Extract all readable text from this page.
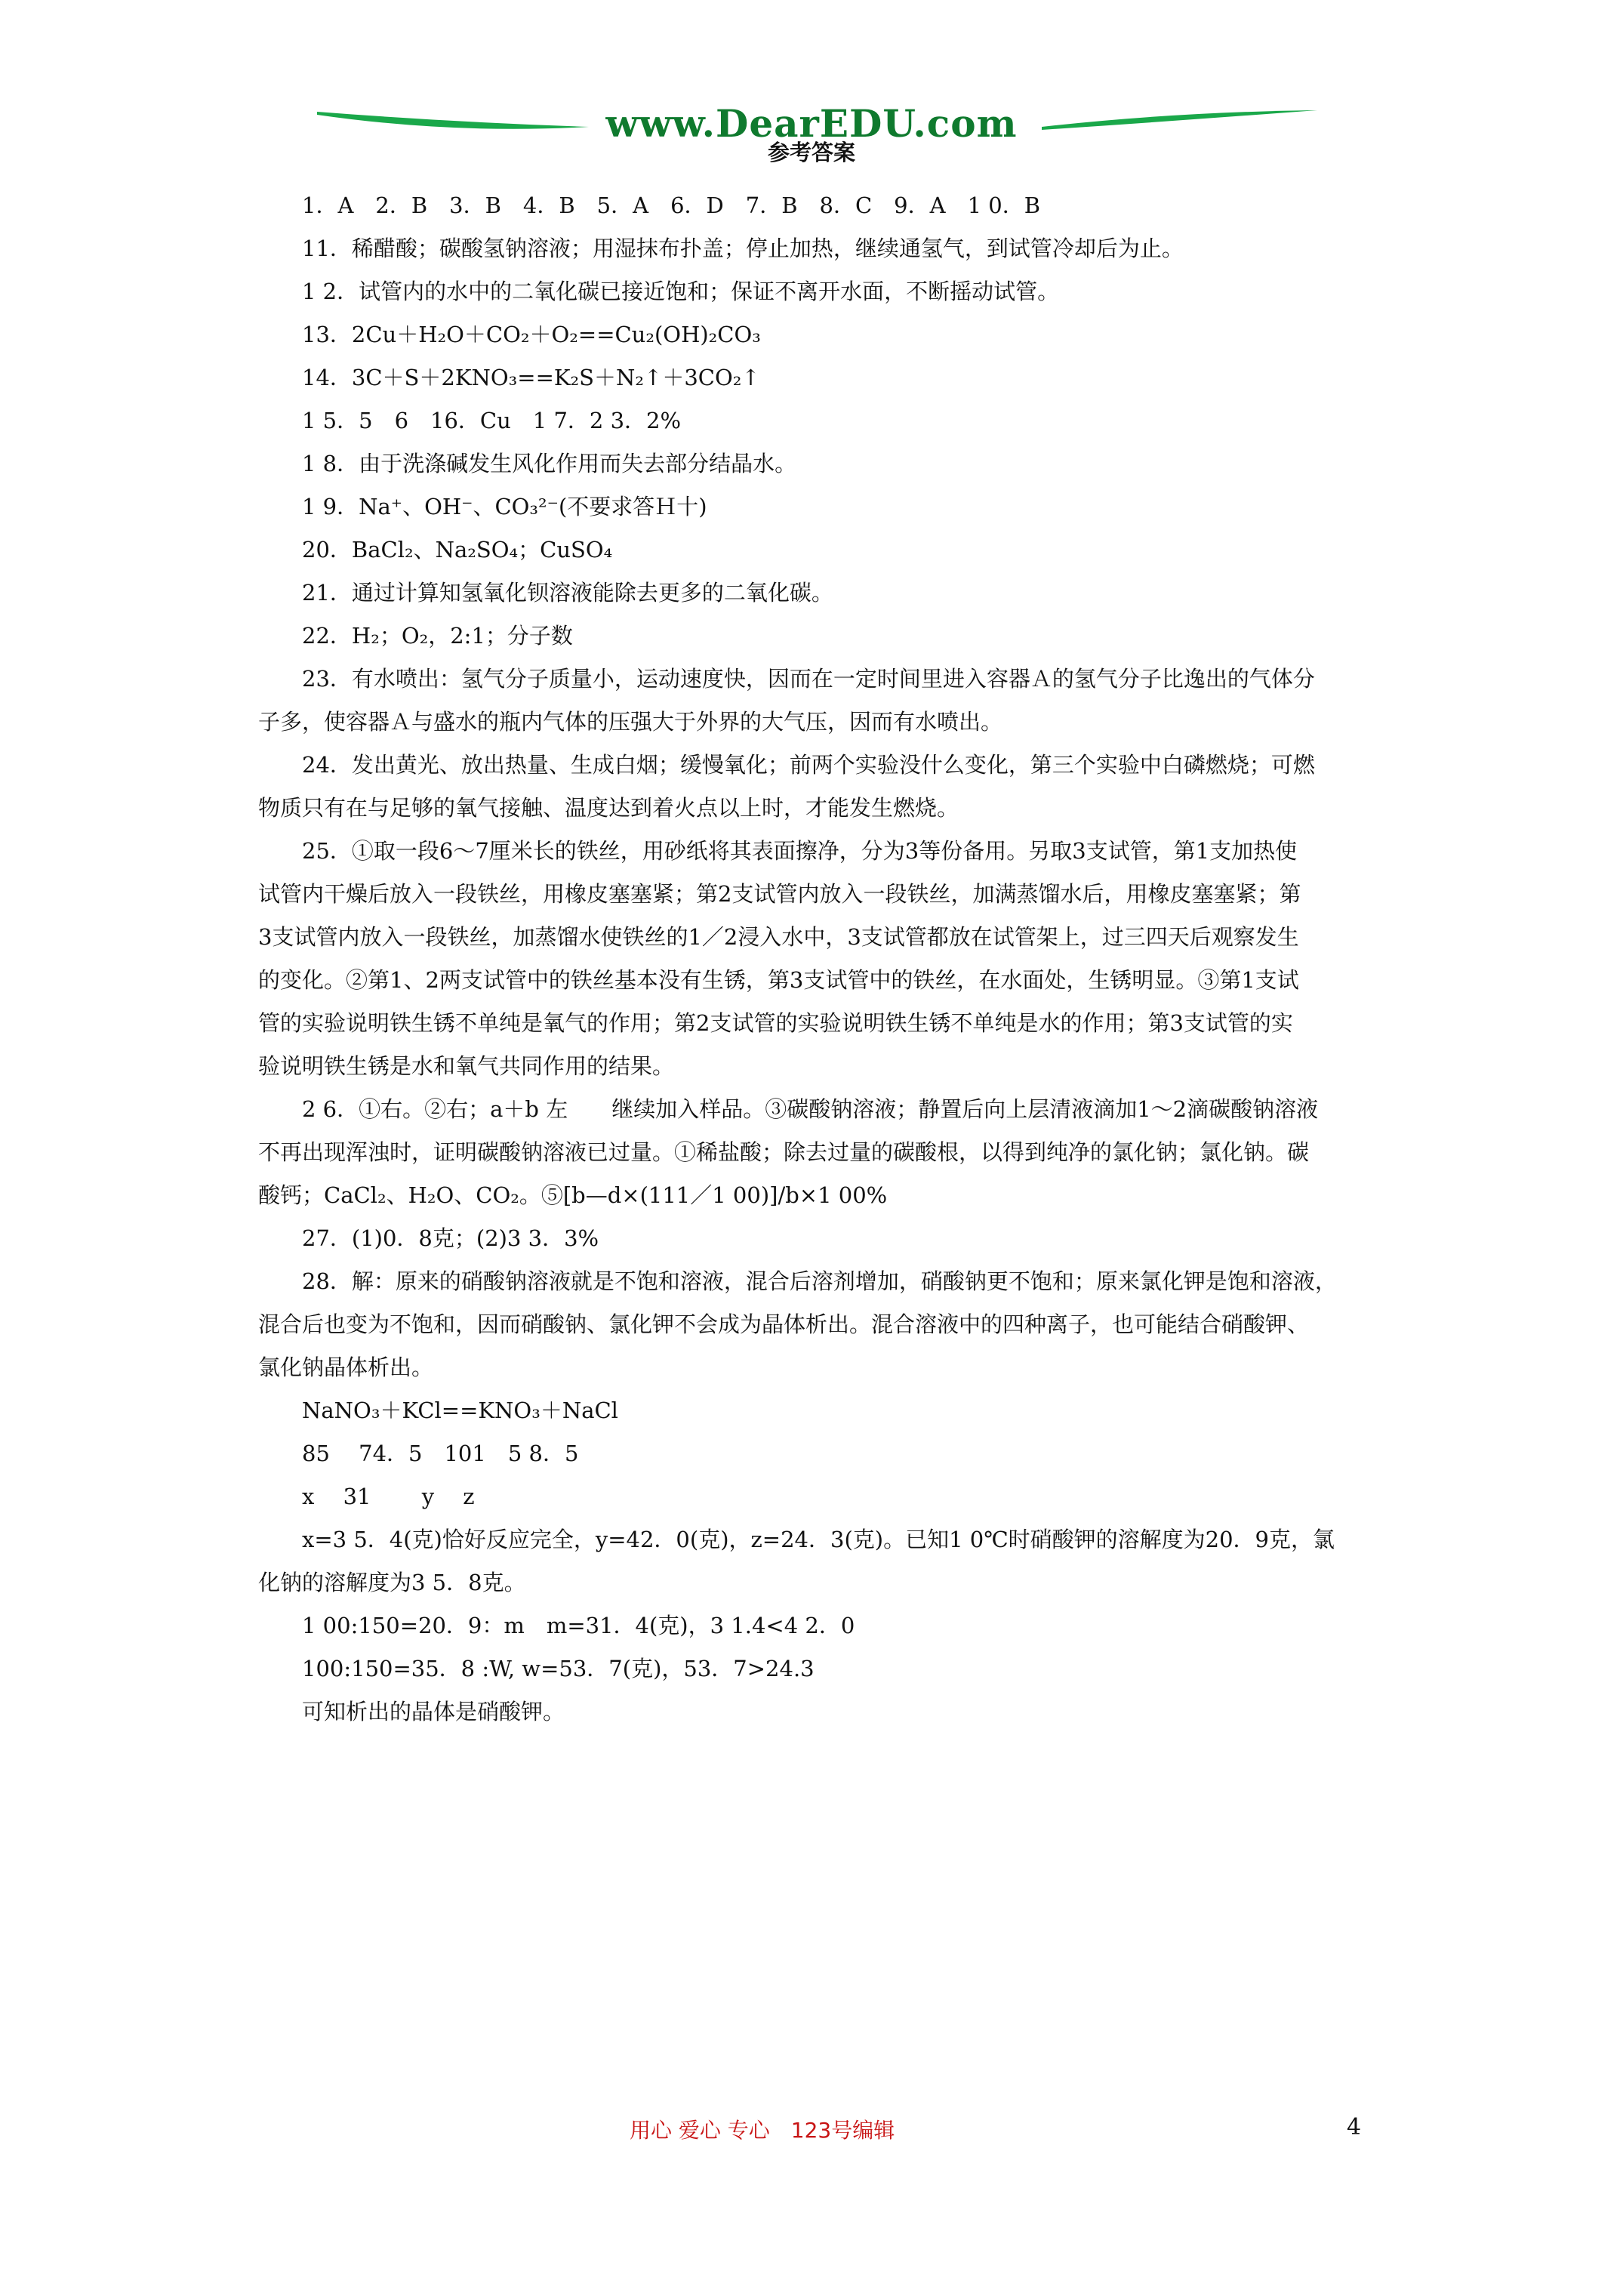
www.DearEDU.com
参考答案

1．A　2．B　3．B　4．B　5．A　6．D　7．B　8．C　9．A　1 0．B

11．稀醋酸；碳酸氢钠溶液；用湿抹布扑盖；停止加热，继续通氢气，到试管冷却后为止。

1 2．试管内的水中的二氧化碳已接近饱和；保证不离开水面，不断摇动试管。

13．2Cu＋H₂O＋CO₂＋O₂==Cu₂(OH)₂CO₃

14．3C＋S＋2KNO₃==K₂S＋N₂↑＋3CO₂↑

1 5．5　6　16．Cu　1 7．2 3．2%

1 8．由于洗涤碱发生风化作用而失去部分结晶水。

1 9．Na⁺、OH⁻、CO₃²⁻(不要求答Ｈ十)

20．BaCl₂、Na₂SO₄；CuSO₄

21．通过计算知氢氧化钡溶液能除去更多的二氧化碳。

22．H₂；O₂，2:1；分子数

23．有水喷出：氢气分子质量小，运动速度快，因而在一定时间里进入容器Ａ的氢气分子比逸出的气体分

子多，使容器Ａ与盛水的瓶内气体的压强大于外界的大气压，因而有水喷出。

24．发出黄光、放出热量、生成白烟；缓慢氧化；前两个实验没什么变化，第三个实验中白磷燃烧；可燃

物质只有在与足够的氧气接触、温度达到着火点以上时，才能发生燃烧。

25．①取一段6～7厘米长的铁丝，用砂纸将其表面擦净，分为3等份备用。另取3支试管，第1支加热使

试管内干燥后放入一段铁丝，用橡皮塞塞紧；第2支试管内放入一段铁丝，加满蒸馏水后，用橡皮塞塞紧；第

3支试管内放入一段铁丝，加蒸馏水使铁丝的1／2浸入水中，3支试管都放在试管架上，过三四天后观察发生

的变化。②第1、2两支试管中的铁丝基本没有生锈，第3支试管中的铁丝，在水面处，生锈明显。③第1支试

管的实验说明铁生锈不单纯是氧气的作用；第2支试管的实验说明铁生锈不单纯是水的作用；第3支试管的实

验说明铁生锈是水和氧气共同作用的结果。

2 6．①右。②右；a＋b 左　　继续加入样品。③碳酸钠溶液；静置后向上层清液滴加1～2滴碳酸钠溶液

不再出现浑浊时，证明碳酸钠溶液已过量。①稀盐酸；除去过量的碳酸根，以得到纯净的氯化钠；氯化钠。碳

酸钙；CaCl₂、H₂O、CO₂。⑤[b—d×(111／1 00)]/b×1 00%

27．(1)0．8克；(2)3 3．3%

28．解：原来的硝酸钠溶液就是不饱和溶液，混合后溶剂增加，硝酸钠更不饱和；原来氯化钾是饱和溶液，

混合后也变为不饱和，因而硝酸钠、氯化钾不会成为晶体析出。混合溶液中的四种离子，也可能结合硝酸钾、

氯化钠晶体析出。

NaNO₃＋KCl==KNO₃＋NaCl

85　 74．5　101　5 8．5

x　 31　　 y　 z

x=3 5．4(克)恰好反应完全，y=42．0(克)，z=24．3(克)。已知1 0℃时硝酸钾的溶解度为20．9克，氯

化钠的溶解度为3 5．8克。

1 00:150=20．9：m　m=31．4(克)，3 1.4<4 2．0

100:150=35．8 :W, w=53．7(克)，53．7>24.3

可知析出的晶体是硝酸钾。

用心 爱心 专心　123号编辑	4
